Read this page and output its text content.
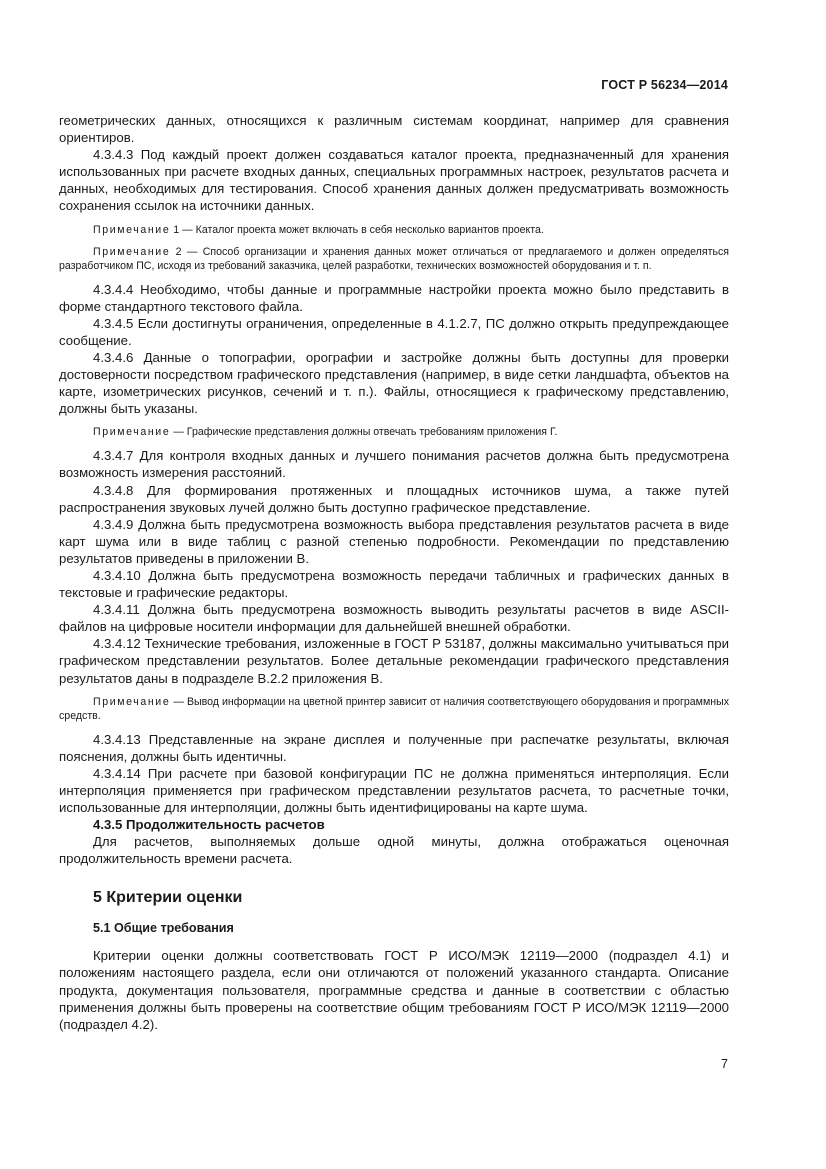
ГОСТ Р 56234—2014

геометрических данных, относящихся к различным системам координат, например для сравнения ориентиров.

4.3.4.3 Под каждый проект должен создаваться каталог проекта, предназначенный для хранения использованных при расчете входных данных, специальных программных настроек, результатов расчета и данных, необходимых для тестирования. Способ хранения данных должен предусматривать возможность сохранения ссылок на источники данных.

Примечание 1 — Каталог проекта может включать в себя несколько вариантов проекта.

Примечание 2 — Способ организации и хранения данных может отличаться от предлагаемого и должен определяться разработчиком ПС, исходя из требований заказчика, целей разработки, технических возможностей оборудования и т. п.

4.3.4.4 Необходимо, чтобы данные и программные настройки проекта можно было представить в форме стандартного текстового файла.

4.3.4.5 Если достигнуты ограничения, определенные в 4.1.2.7, ПС должно открыть предупреждающее сообщение.

4.3.4.6 Данные о топографии, орографии и застройке должны быть доступны для проверки достоверности посредством графического представления (например, в виде сетки ландшафта, объектов на карте, изометрических рисунков, сечений и т. п.). Файлы, относящиеся к графическому представлению, должны быть указаны.

Примечание — Графические представления должны отвечать требованиям приложения Г.

4.3.4.7 Для контроля входных данных и лучшего понимания расчетов должна быть предусмотрена возможность измерения расстояний.

4.3.4.8 Для формирования протяженных и площадных источников шума, а также путей распространения звуковых лучей должно быть доступно графическое представление.

4.3.4.9 Должна быть предусмотрена возможность выбора представления результатов расчета в виде карт шума или в виде таблиц с разной степенью подробности. Рекомендации по представлению результатов приведены в приложении В.

4.3.4.10 Должна быть предусмотрена возможность передачи табличных и графических данных в текстовые и графические редакторы.

4.3.4.11 Должна быть предусмотрена возможность выводить результаты расчетов в виде ASCII-файлов на цифровые носители информации для дальнейшей внешней обработки.

4.3.4.12 Технические требования, изложенные в ГОСТ Р 53187, должны максимально учитываться при графическом представлении результатов. Более детальные рекомендации графического представления результатов даны в подразделе В.2.2 приложения В.

Примечание — Вывод информации на цветной принтер зависит от наличия соответствующего оборудования и программных средств.

4.3.4.13 Представленные на экране дисплея и полученные при распечатке результаты, включая пояснения, должны быть идентичны.

4.3.4.14 При расчете при базовой конфигурации ПС не должна применяться интерполяция. Если интерполяция применяется при графическом представлении результатов расчета, то расчетные точки, использованные для интерполяции, должны быть идентифицированы на карте шума.

4.3.5 Продолжительность расчетов

Для расчетов, выполняемых дольше одной минуты, должна отображаться оценочная продолжительность времени расчета.

5 Критерии оценки
5.1 Общие требования

Критерии оценки должны соответствовать ГОСТ Р ИСО/МЭК 12119—2000 (подраздел 4.1) и положениям настоящего раздела, если они отличаются от положений указанного стандарта. Описание продукта, документация пользователя, программные средства и данные в соответствии с областью применения должны быть проверены на соответствие общим требованиям ГОСТ Р ИСО/МЭК 12119—2000 (подраздел 4.2).

7
